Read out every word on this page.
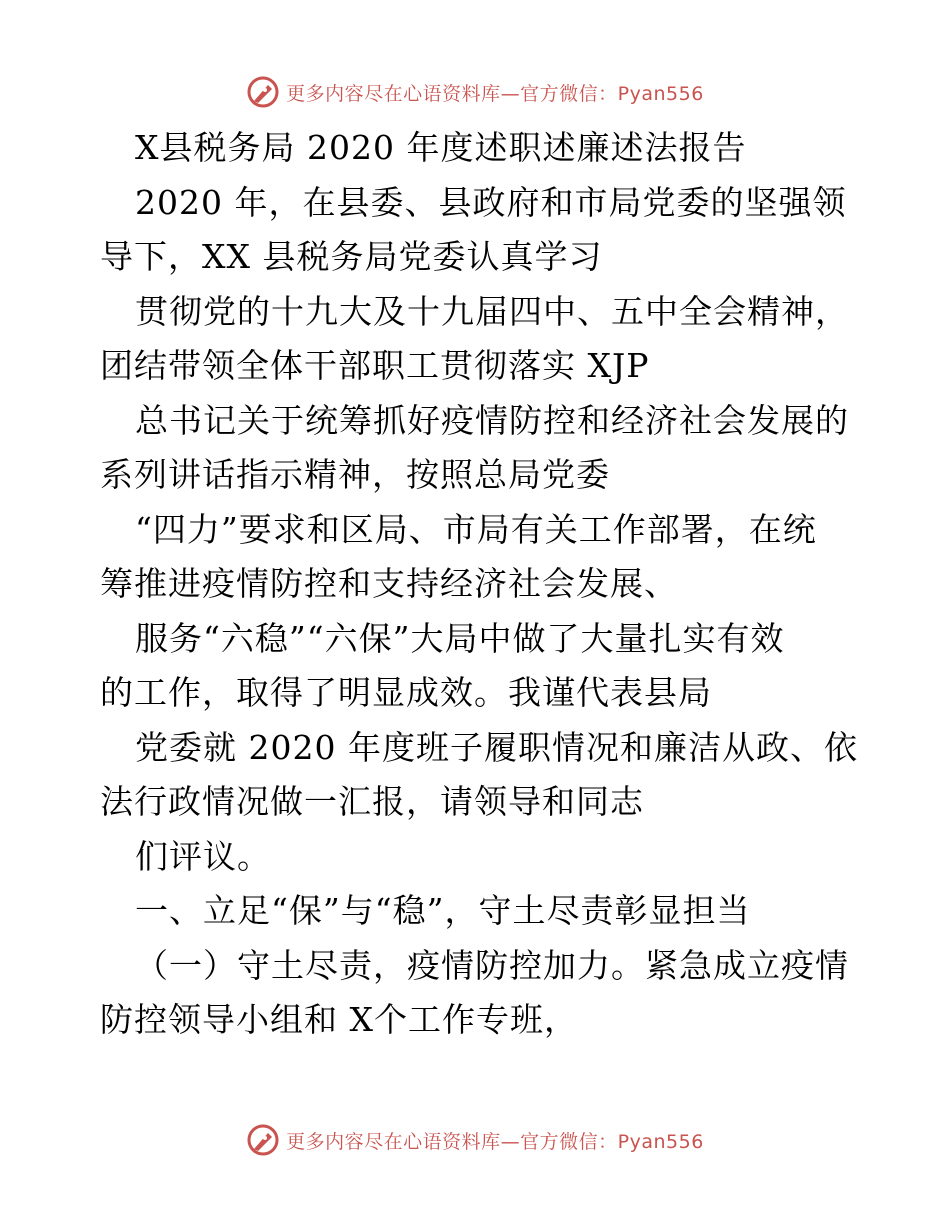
更多内容尽在心语资料库—官方微信：Pyan556
X县税务局 2020 年度述职述廉述法报告
2020 年，在县委、县政府和市局党委的坚强领
导下，XX 县税务局党委认真学习
贯彻党的十九大及十九届四中、五中全会精神，
团结带领全体干部职工贯彻落实 XJP
总书记关于统筹抓好疫情防控和经济社会发展的
系列讲话指示精神，按照总局党委
“四力”要求和区局、市局有关工作部署，在统
筹推进疫情防控和支持经济社会发展、
服务“六稳”“六保”大局中做了大量扎实有效
的工作，取得了明显成效。我谨代表县局
党委就 2020 年度班子履职情况和廉洁从政、依
法行政情况做一汇报，请领导和同志
们评议。
一、立足“保”与“稳”，守土尽责彰显担当
（一）守土尽责，疫情防控加力。紧急成立疫情
防控领导小组和 X个工作专班，
更多内容尽在心语资料库—官方微信：Pyan556
